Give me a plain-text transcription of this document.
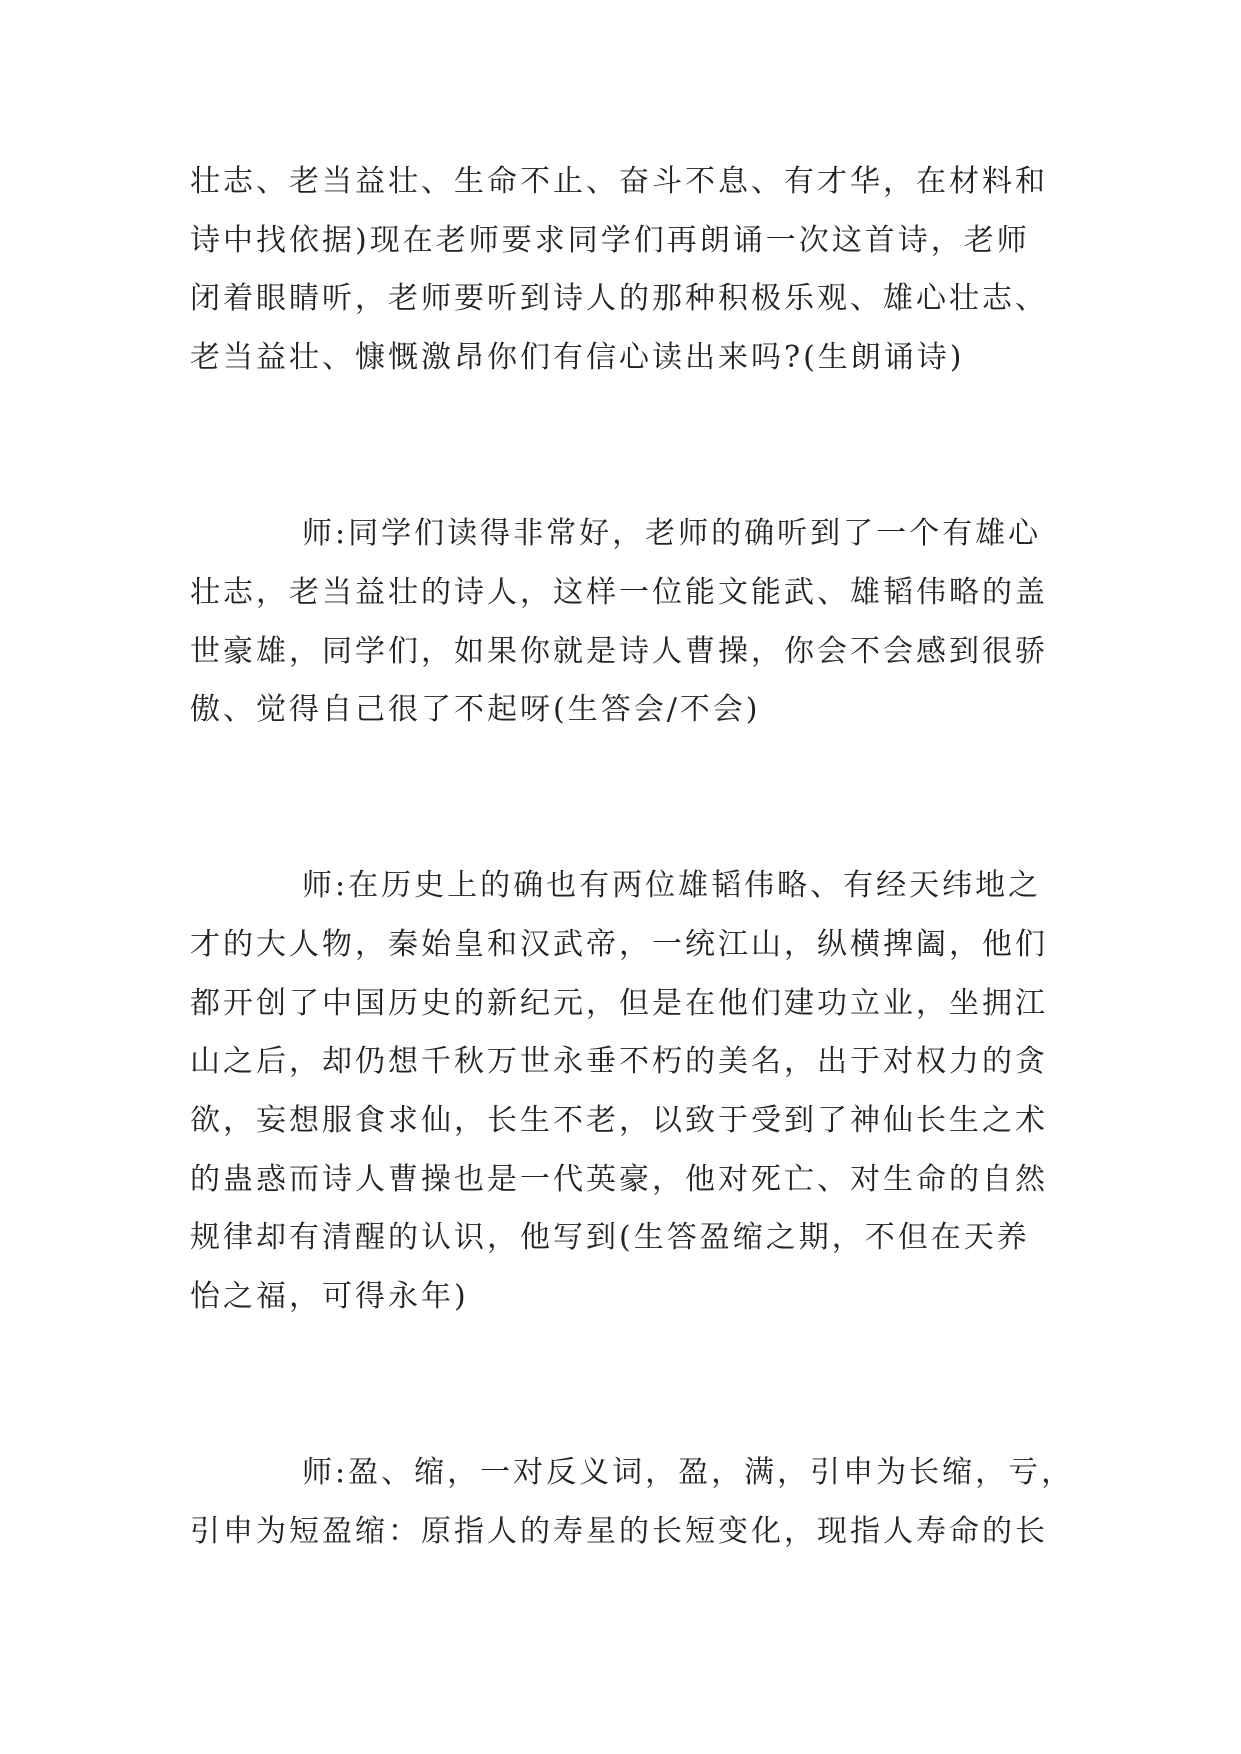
壮志、老当益壮、生命不止、奋斗不息、有才华，在材料和
诗中找依据)现在老师要求同学们再朗诵一次这首诗，老师
闭着眼睛听，老师要听到诗人的那种积极乐观、雄心壮志、
老当益壮、慷慨激昂你们有信心读出来吗?(生朗诵诗)
师:同学们读得非常好，老师的确听到了一个有雄心
壮志，老当益壮的诗人，这样一位能文能武、雄韬伟略的盖
世豪雄，同学们，如果你就是诗人曹操，你会不会感到很骄
傲、觉得自己很了不起呀(生答会/不会)
师:在历史上的确也有两位雄韬伟略、有经天纬地之
才的大人物，秦始皇和汉武帝，一统江山，纵横捭阖，他们
都开创了中国历史的新纪元，但是在他们建功立业，坐拥江
山之后，却仍想千秋万世永垂不朽的美名，出于对权力的贪
欲，妄想服食求仙，长生不老，以致于受到了神仙长生之术
的蛊惑而诗人曹操也是一代英豪，他对死亡、对生命的自然
规律却有清醒的认识，他写到(生答盈缩之期，不但在天养
怡之福，可得永年)
师:盈、缩，一对反义词，盈，满，引申为长缩，亏，
引申为短盈缩：原指人的寿星的长短变化，现指人寿命的长
